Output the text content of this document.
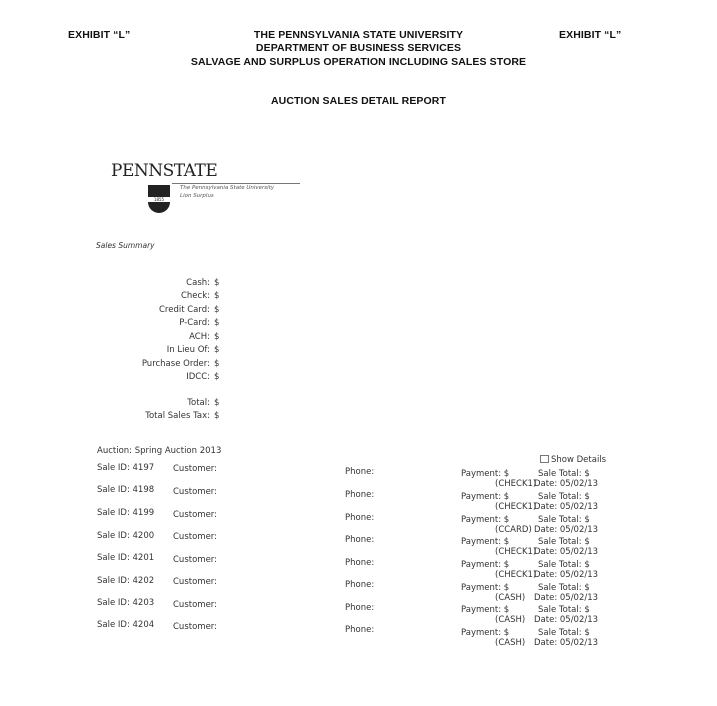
EXHIBIT “L”	EXHIBIT “L”
THE PENNSYLVANIA STATE UNIVERSITY
DEPARTMENT OF BUSINESS SERVICES
SALVAGE AND SURPLUS OPERATION INCLUDING SALES STORE
AUCTION SALES DETAIL REPORT
PENNSTATE
1855
The Pennsylvania State University
Lion Surplus
Sales Summary
Cash: $
Check: $
Credit Card: $
P-Card: $
ACH: $
In Lieu Of: $
Purchase Order: $
IDCC: $
Total: $
Total Sales Tax: $
Auction: Spring Auction 2013
Show Details
Sale ID: 4197 Customer:	Phone:	Payment: $	Sale Total: $
(CHECK1)
Date: 05/02/13
Sale ID: 4198 Customer:	Phone:	Payment: $	Sale Total: $
(CHECK1)
Date: 05/02/13
Sale ID: 4199 Customer:	Phone:	Payment: $	Sale Total: $
(CCARD) Date: 05/02/13
Sale ID: 4200 Customer:	Phone:	Payment: $	Sale Total: $
(CHECK1)
Date: 05/02/13
Sale ID: 4201 Customer:	Phone:	Payment: $	Sale Total: $
(CHECK1)
Date: 05/02/13
Sale ID: 4202 Customer:	Phone:	Payment: $	Sale Total: $
(CASH) Date: 05/02/13
Sale ID: 4203 Customer:	Phone:	Payment: $	Sale Total: $
(CASH) Date: 05/02/13
Sale ID: 4204 Customer:	Phone:	Payment: $	Sale Total: $
(CASH) Date: 05/02/13
